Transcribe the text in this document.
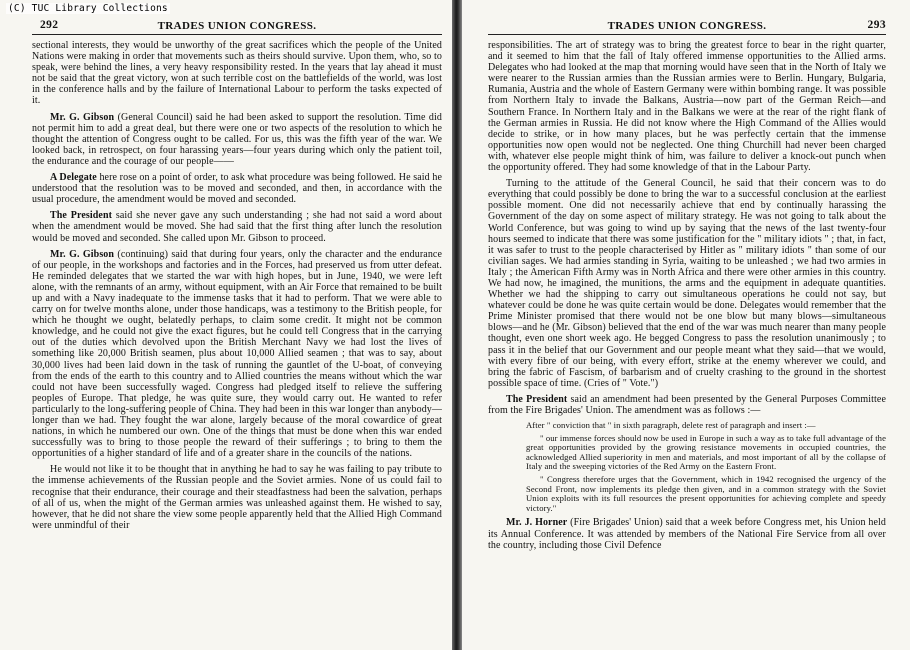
(C) TUC Library Collections
292	TRADES UNION CONGRESS.

sectional interests, they would be unworthy of the great sacrifices which the people of the United Nations were making in order that movements such as theirs should survive. Upon them, who, so to speak, were behind the lines, a very heavy responsibility rested. In the years that lay ahead it must not be said that the great victory, won at such terrible cost on the battlefields of the world, was lost in the conference halls and by the failure of International Labour to perform the tasks expected of it.

Mr. G. Gibson (General Council) said he had been asked to support the resolution. Time did not permit him to add a great deal, but there were one or two aspects of the resolution to which he thought the attention of Congress ought to be called. For us, this was the fifth year of the war. We looked back, in retrospect, on four harassing years—four years during which only the patient toil, the endurance and the courage of our people——

A Delegate here rose on a point of order, to ask what procedure was being followed. He said he understood that the resolution was to be moved and seconded, and then, in accordance with the usual procedure, the amendment would be moved and seconded.

The President said she never gave any such understanding ; she had not said a word about when the amendment would be moved. She had said that the first thing after lunch the resolution would be moved and seconded. She called upon Mr. Gibson to proceed.

Mr. G. Gibson (continuing) said that during four years, only the character and the endurance of our people, in the workshops and factories and in the Forces, had preserved us from utter defeat. He reminded delegates that we started the war with high hopes, but in June, 1940, we were left alone, with the remnants of an army, without equipment, with an Air Force that remained to be built up and with a Navy inadequate to the immense tasks that it had to perform. That we were able to carry on for twelve months alone, under those handicaps, was a testimony to the British people, for which he thought we ought, belatedly perhaps, to claim some credit. It might not be common knowledge, and he could not give the exact figures, but he could tell Congress that in the carrying out of the duties which devolved upon the British Merchant Navy we had lost the lives of something like 20,000 British seamen, plus about 10,000 Allied seamen ; that was to say, about 30,000 lives had been laid down in the task of running the gauntlet of the U-boat, of conveying from the ends of the earth to this country and to Allied countries the means without which the war could not have been successfully waged. Congress had pledged itself to relieve the suffering peoples of Europe. That pledge, he was quite sure, they would carry out. He wanted to refer particularly to the long-suffering people of China. They had been in this war longer than anybody—longer than we had. They fought the war alone, largely because of the moral cowardice of great nations, in which he numbered our own. One of the things that must be done when this war ended successfully was to bring to those people the reward of their sufferings ; to bring to them the opportunities of a higher standard of life and of a greater share in the councils of the nations.

He would not like it to be thought that in anything he had to say he was failing to pay tribute to the immense achievements of the Russian people and the Soviet armies. None of us could fail to recognise that their endurance, their courage and their steadfastness had been the salvation, perhaps of all of us, when the might of the German armies was unleashed against them. He wished to say, however, that he did not share the view some people apparently held that the Allied High Command were unmindful of their

TRADES UNION CONGRESS.	293

responsibilities. The art of strategy was to bring the greatest force to bear in the right quarter, and it seemed to him that the fall of Italy offered immense opportunities to the Allied arms. Delegates who had looked at the map that morning would have seen that in the North of Italy we were nearer to the Russian armies than the Russian armies were to Berlin. Hungary, Bulgaria, Rumania, Austria and the whole of Eastern Germany were within bombing range. It was possible from Northern Italy to invade the Balkans, Austria—now part of the German Reich—and Southern France. In Northern Italy and in the Balkans we were at the rear of the right flank of the German armies in Russia. He did not know where the High Command of the Allies would decide to strike, or in how many places, but he was perfectly certain that the immense opportunities now open would not be neglected. One thing Churchill had never been charged with, whatever else people might think of him, was failure to deliver a knock-out punch when the opportunity offered. They had some knowledge of that in the Labour Party.

Turning to the attitude of the General Council, he said that their concern was to do everything that could possibly be done to bring the war to a successful conclusion at the earliest possible moment. One did not necessarily achieve that end by continually harassing the Government of the day on some aspect of military strategy. He was not going to talk about the World Conference, but was going to wind up by saying that the news of the last twenty-four hours seemed to indicate that there was some justification for the " military idiots " ; that, in fact, it was safer to trust to the people characterised by Hitler as " military idiots " than some of our civilian sages. We had armies standing in Syria, waiting to be unleashed ; we had two armies in Italy ; the American Fifth Army was in North Africa and there were other armies in this country. We had now, he imagined, the munitions, the arms and the equipment in adequate quantities. Whether we had the shipping to carry out simultaneous operations he could not say, but whatever could be done he was quite certain would be done. Delegates would remember that the Prime Minister promised that there would not be one blow but many blows—simultaneous blows—and he (Mr. Gibson) believed that the end of the war was much nearer than many people thought, even one short week ago. He begged Congress to pass the resolution unanimously ; to pass it in the belief that our Government and our people meant what they said—that we would, with every fibre of our being, with every effort, strike at the enemy wherever we could, and bring the fabric of Fascism, of barbarism and of cruelty crashing to the ground in the shortest possible space of time. (Cries of " Vote.")

The President said an amendment had been presented by the General Purposes Committee from the Fire Brigades' Union. The amendment was as follows :—

After " conviction that " in sixth paragraph, delete rest of paragraph and insert :—

" our immense forces should now be used in Europe in such a way as to take full advantage of the great opportunities provided by the growing resistance movements in occupied countries, the acknowledged Allied superiority in men and materials, and most important of all by the collapse of Italy and the sweeping victories of the Red Army on the Eastern Front.

" Congress therefore urges that the Government, which in 1942 recognised the urgency of the Second Front, now implements its pledge then given, and in a common strategy with the Soviet Union exploits with its full resources the present opportunities for achieving complete and speedy victory."

Mr. J. Horner (Fire Brigades' Union) said that a week before Congress met, his Union held its Annual Conference. It was attended by members of the National Fire Service from all over the country, including those Civil Defence
